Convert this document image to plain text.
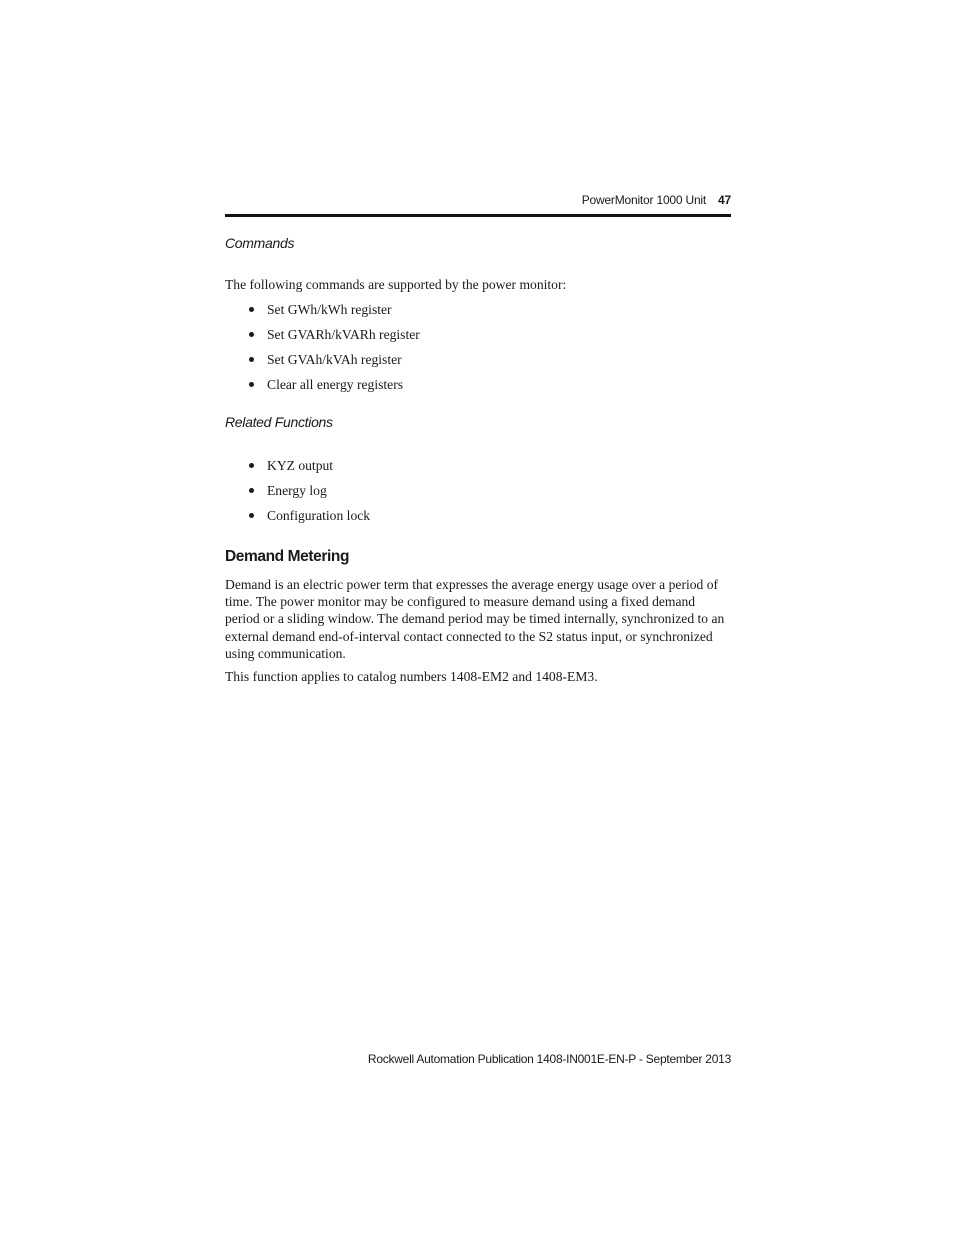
PowerMonitor 1000 Unit 47
Commands

The following commands are supported by the power monitor:

Set GWh/kWh register
Set GVARh/kVARh register
Set GVAh/kVAh register
Clear all energy registers
Related Functions
KYZ output
Energy log
Configuration lock
Demand Metering

Demand is an electric power term that expresses the average energy usage over a period of time. The power monitor may be configured to measure demand using a fixed demand period or a sliding window. The demand period may be timed internally, synchronized to an external demand end-of-interval contact connected to the S2 status input, or synchronized using communication.

This function applies to catalog numbers 1408-EM2 and 1408-EM3.

Rockwell Automation Publication 1408-IN001E-EN-P - September 2013
